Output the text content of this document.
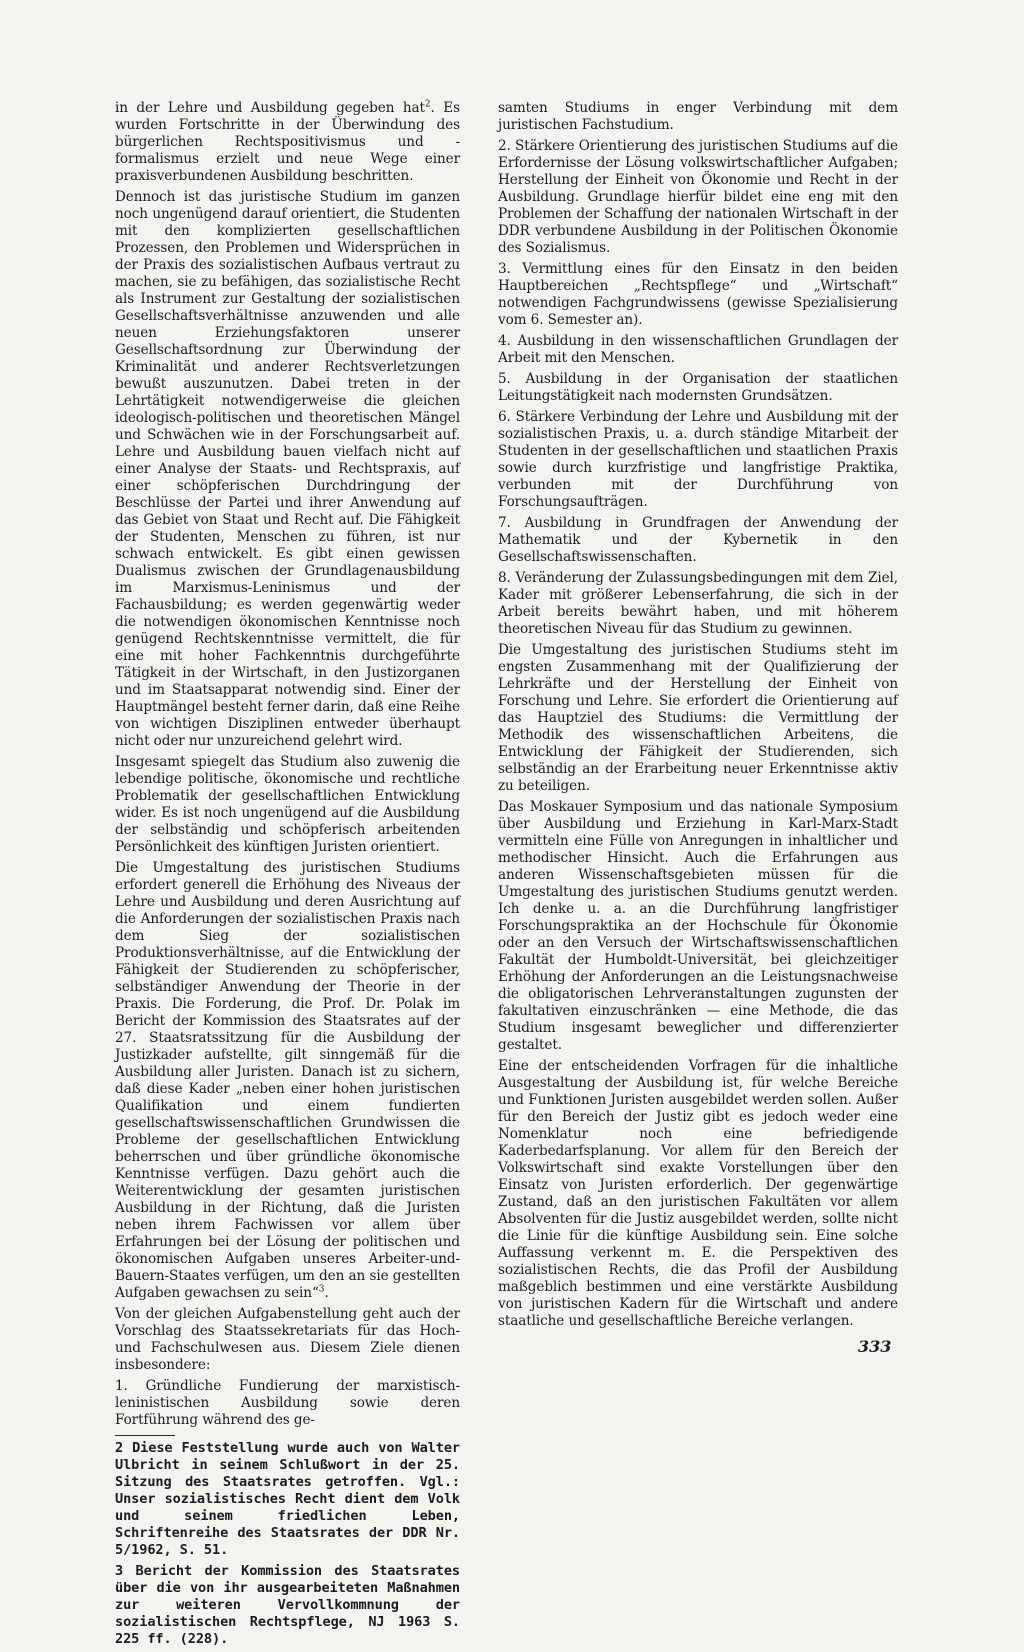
in der Lehre und Ausbildung gegeben hat$^2$. Es wurden Fortschritte in der Überwindung des bürgerlichen Rechtspositivismus und -formalismus erzielt und neue Wege einer praxisverbundenen Ausbildung beschritten.

Dennoch ist das juristische Studium im ganzen noch ungenügend darauf orientiert, die Studenten mit den komplizierten gesellschaftlichen Prozessen, den Problemen und Widersprüchen in der Praxis des sozialistischen Aufbaus vertraut zu machen, sie zu befähigen, das sozialistische Recht als Instrument zur Gestaltung der sozialistischen Gesellschaftsverhältnisse anzuwenden und alle neuen Erziehungsfaktoren unserer Gesellschaftsordnung zur Überwindung der Kriminalität und anderer Rechtsverletzungen bewußt auszunutzen. Dabei treten in der Lehrtätigkeit notwendigerweise die gleichen ideologisch-politischen und theoretischen Mängel und Schwächen wie in der Forschungsarbeit auf. Lehre und Ausbildung bauen vielfach nicht auf einer Analyse der Staats- und Rechtspraxis, auf einer schöpferischen Durchdringung der Beschlüsse der Partei und ihrer Anwendung auf das Gebiet von Staat und Recht auf. Die Fähigkeit der Studenten, Menschen zu führen, ist nur schwach entwickelt. Es gibt einen gewissen Dualismus zwischen der Grundlagenausbildung im Marxismus-Leninismus und der Fachausbildung; es werden gegenwärtig weder die notwendigen ökonomischen Kenntnisse noch genügend Rechtskenntnisse vermittelt, die für eine mit hoher Fachkenntnis durchgeführte Tätigkeit in der Wirtschaft, in den Justizorganen und im Staatsapparat notwendig sind. Einer der Hauptmängel besteht ferner darin, daß eine Reihe von wichtigen Disziplinen entweder überhaupt nicht oder nur unzureichend gelehrt wird.

Insgesamt spiegelt das Studium also zuwenig die lebendige politische, ökonomische und rechtliche Problematik der gesellschaftlichen Entwicklung wider. Es ist noch ungenügend auf die Ausbildung der selbständig und schöpferisch arbeitenden Persönlichkeit des künftigen Juristen orientiert.

Die Umgestaltung des juristischen Studiums erfordert generell die Erhöhung des Niveaus der Lehre und Ausbildung und deren Ausrichtung auf die Anforderungen der sozialistischen Praxis nach dem Sieg der sozialistischen Produktionsverhältnisse, auf die Entwicklung der Fähigkeit der Studierenden zu schöpferischer, selbständiger Anwendung der Theorie in der Praxis. Die Forderung, die Prof. Dr. Polak im Bericht der Kommission des Staatsrates auf der 27. Staatsratssitzung für die Ausbildung der Justizkader aufstellte, gilt sinngemäß für die Ausbildung aller Juristen. Danach ist zu sichern, daß diese Kader „neben einer hohen juristischen Qualifikation und einem fundierten gesellschaftswissenschaftlichen Grundwissen die Probleme der gesellschaftlichen Entwicklung beherrschen und über gründliche ökonomische Kenntnisse verfügen. Dazu gehört auch die Weiterentwicklung der gesamten juristischen Ausbildung in der Richtung, daß die Juristen neben ihrem Fachwissen vor allem über Erfahrungen bei der Lösung der politischen und ökonomischen Aufgaben unseres Arbeiter-und-Bauern-Staates verfügen, um den an sie gestellten Aufgaben gewachsen zu sein“$^3$.

Von der gleichen Aufgabenstellung geht auch der Vorschlag des Staatssekretariats für das Hoch- und Fachschulwesen aus. Diesem Ziele dienen insbesondere:

1. Gründliche Fundierung der marxistisch-leninistischen Ausbildung sowie deren Fortführung während des ge-

2 Diese Feststellung wurde auch von Walter Ulbricht in seinem Schlußwort in der 25. Sitzung des Staatsrates getroffen. Vgl.: Unser sozialistisches Recht dient dem Volk und seinem friedlichen Leben, Schriftenreihe des Staatsrates der DDR Nr. 5/1962, S. 51.

3 Bericht der Kommission des Staatsrates über die von ihr ausgearbeiteten Maßnahmen zur weiteren Vervollkommnung der sozialistischen Rechtspflege, NJ 1963 S. 225 ff. (228).

samten Studiums in enger Verbindung mit dem juristischen Fachstudium.

2. Stärkere Orientierung des juristischen Studiums auf die Erfordernisse der Lösung volkswirtschaftlicher Aufgaben; Herstellung der Einheit von Ökonomie und Recht in der Ausbildung. Grundlage hierfür bildet eine eng mit den Problemen der Schaffung der nationalen Wirtschaft in der DDR verbundene Ausbildung in der Politischen Ökonomie des Sozialismus.

3. Vermittlung eines für den Einsatz in den beiden Hauptbereichen „Rechtspflege“ und „Wirtschaft“ notwendigen Fachgrundwissens (gewisse Spezialisierung vom 6. Semester an).

4. Ausbildung in den wissenschaftlichen Grundlagen der Arbeit mit den Menschen.

5. Ausbildung in der Organisation der staatlichen Leitungstätigkeit nach modernsten Grundsätzen.

6. Stärkere Verbindung der Lehre und Ausbildung mit der sozialistischen Praxis, u. a. durch ständige Mitarbeit der Studenten in der gesellschaftlichen und staatlichen Praxis sowie durch kurzfristige und langfristige Praktika, verbunden mit der Durchführung von Forschungsaufträgen.

7. Ausbildung in Grundfragen der Anwendung der Mathematik und der Kybernetik in den Gesellschaftswissenschaften.

8. Veränderung der Zulassungsbedingungen mit dem Ziel, Kader mit größerer Lebenserfahrung, die sich in der Arbeit bereits bewährt haben, und mit höherem theoretischen Niveau für das Studium zu gewinnen.

Die Umgestaltung des juristischen Studiums steht im engsten Zusammenhang mit der Qualifizierung der Lehrkräfte und der Herstellung der Einheit von Forschung und Lehre. Sie erfordert die Orientierung auf das Hauptziel des Studiums: die Vermittlung der Methodik des wissenschaftlichen Arbeitens, die Entwicklung der Fähigkeit der Studierenden, sich selbständig an der Erarbeitung neuer Erkenntnisse aktiv zu beteiligen.

Das Moskauer Symposium und das nationale Symposium über Ausbildung und Erziehung in Karl-Marx-Stadt vermitteln eine Fülle von Anregungen in inhaltlicher und methodischer Hinsicht. Auch die Erfahrungen aus anderen Wissenschaftsgebieten müssen für die Umgestaltung des juristischen Studiums genutzt werden. Ich denke u. a. an die Durchführung langfristiger Forschungspraktika an der Hochschule für Ökonomie oder an den Versuch der Wirtschaftswissenschaftlichen Fakultät der Humboldt-Universität, bei gleichzeitiger Erhöhung der Anforderungen an die Leistungsnachweise die obligatorischen Lehrveranstaltungen zugunsten der fakultativen einzuschränken — eine Methode, die das Studium insgesamt beweglicher und differenzierter gestaltet.

Eine der entscheidenden Vorfragen für die inhaltliche Ausgestaltung der Ausbildung ist, für welche Bereiche und Funktionen Juristen ausgebildet werden sollen. Außer für den Bereich der Justiz gibt es jedoch weder eine Nomenklatur noch eine befriedigende Kaderbedarfsplanung. Vor allem für den Bereich der Volkswirtschaft sind exakte Vorstellungen über den Einsatz von Juristen erforderlich. Der gegenwärtige Zustand, daß an den juristischen Fakultäten vor allem Absolventen für die Justiz ausgebildet werden, sollte nicht die Linie für die künftige Ausbildung sein. Eine solche Auffassung verkennt m. E. die Perspektiven des sozialistischen Rechts, die das Profil der Ausbildung maßgeblich bestimmen und eine verstärkte Ausbildung von juristischen Kadern für die Wirtschaft und andere staatliche und gesellschaftliche Bereiche verlangen.

333
